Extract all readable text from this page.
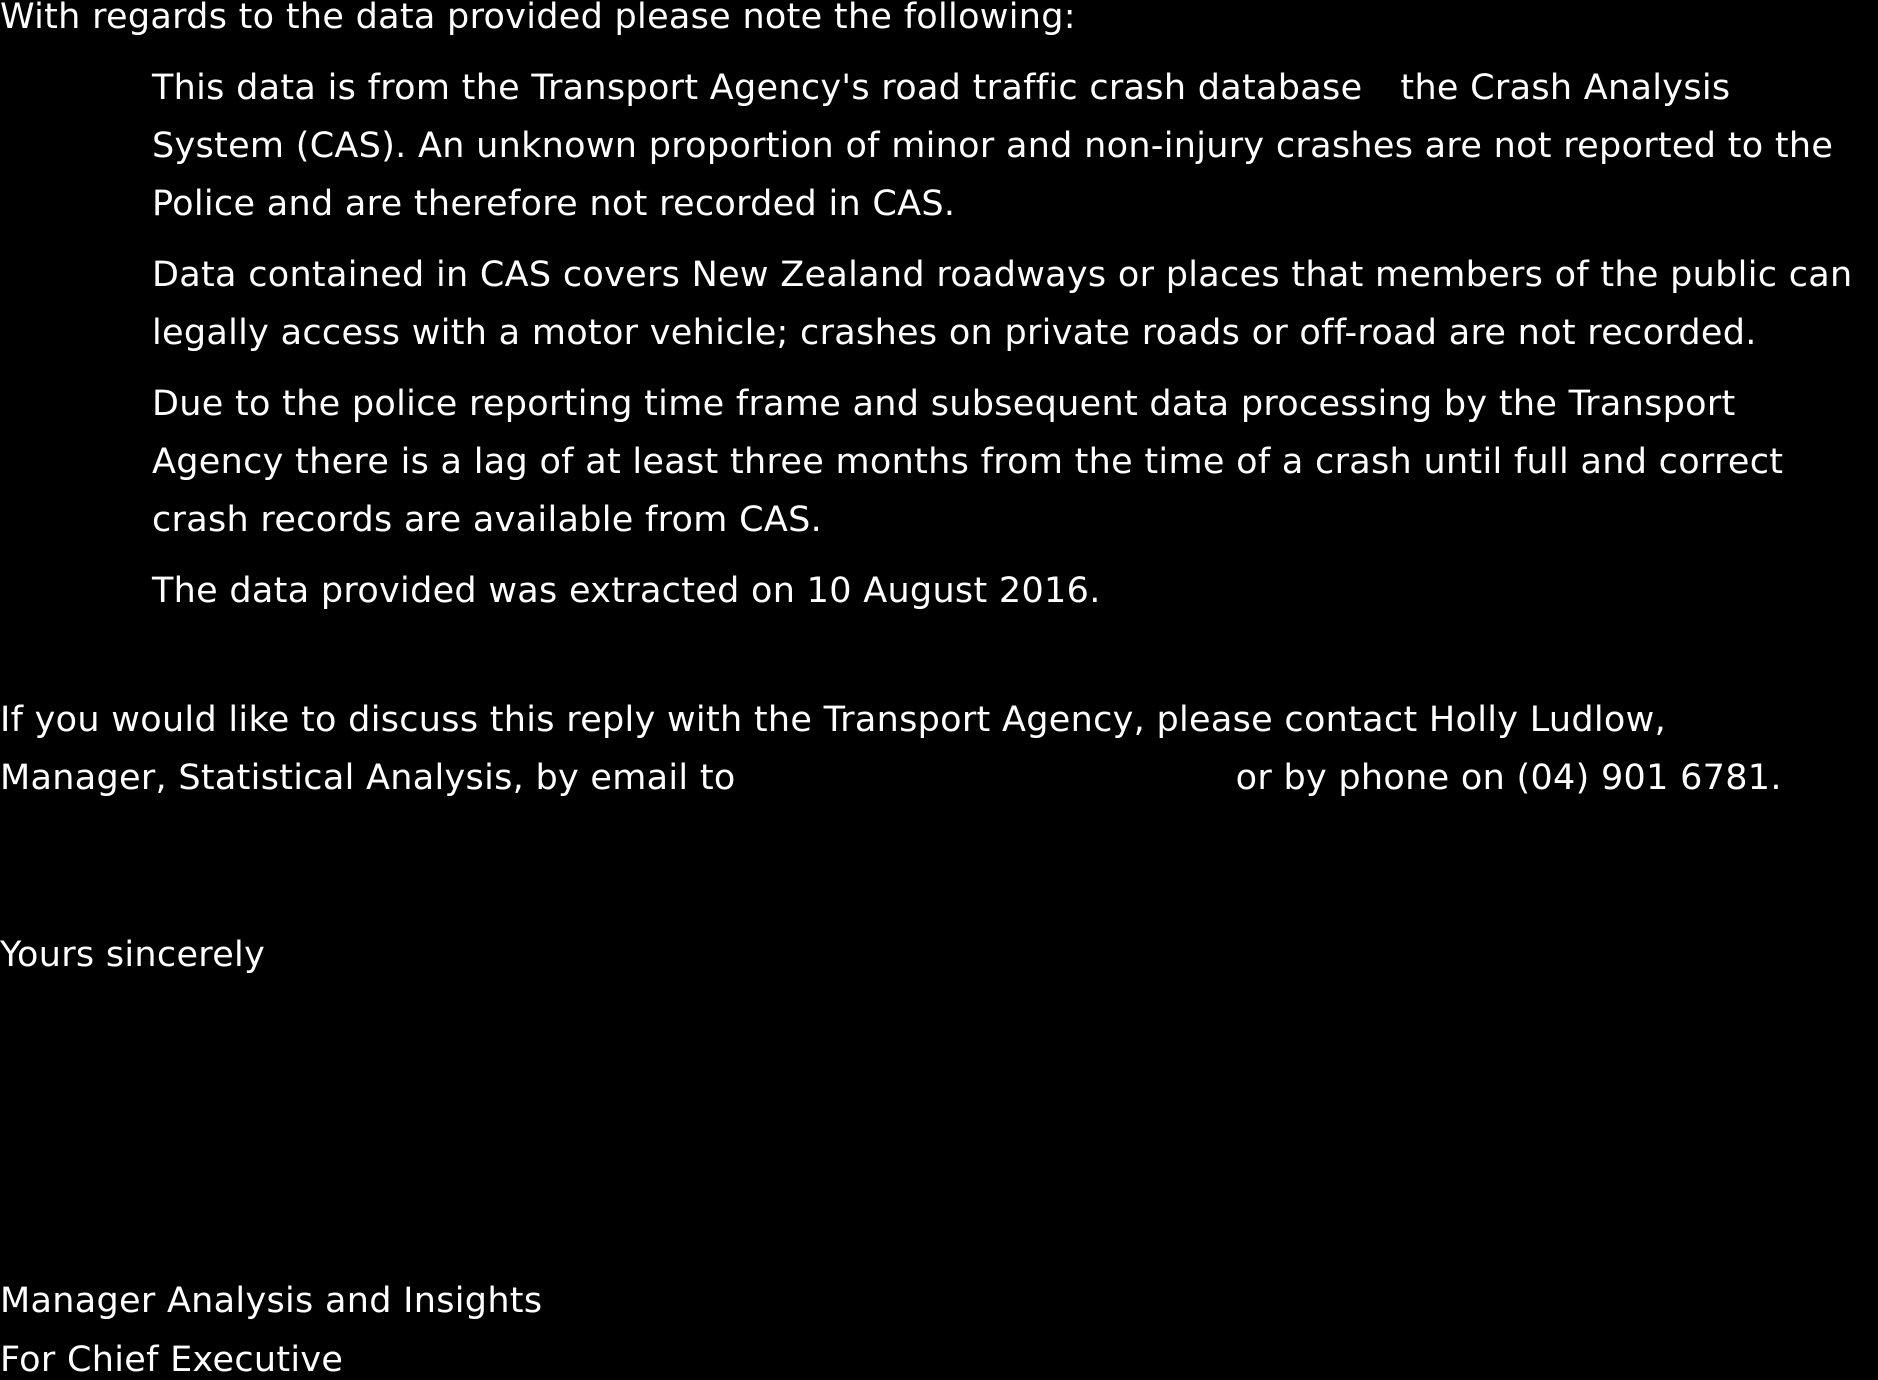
With regards to the data provided please note the following:
This data is from the Transport Agency's road traffic crash database the Crash Analysis
System (CAS). An unknown proportion of minor and non-injury crashes are not reported to the
Police and are therefore not recorded in CAS.
Data contained in CAS covers New Zealand roadways or places that members of the public can
legally access with a motor vehicle; crashes on private roads or off-road are not recorded.
Due to the police reporting time frame and subsequent data processing by the Transport
Agency there is a lag of at least three months from the time of a crash until full and correct
crash records are available from CAS.
The data provided was extracted on 10 August 2016.
If you would like to discuss this reply with the Transport Agency, please contact Holly Ludlow,
Manager, Statistical Analysis, by email to	or by phone on (04) 901 6781.
Yours sincerely
Manager Analysis and Insights
For Chief Executive
